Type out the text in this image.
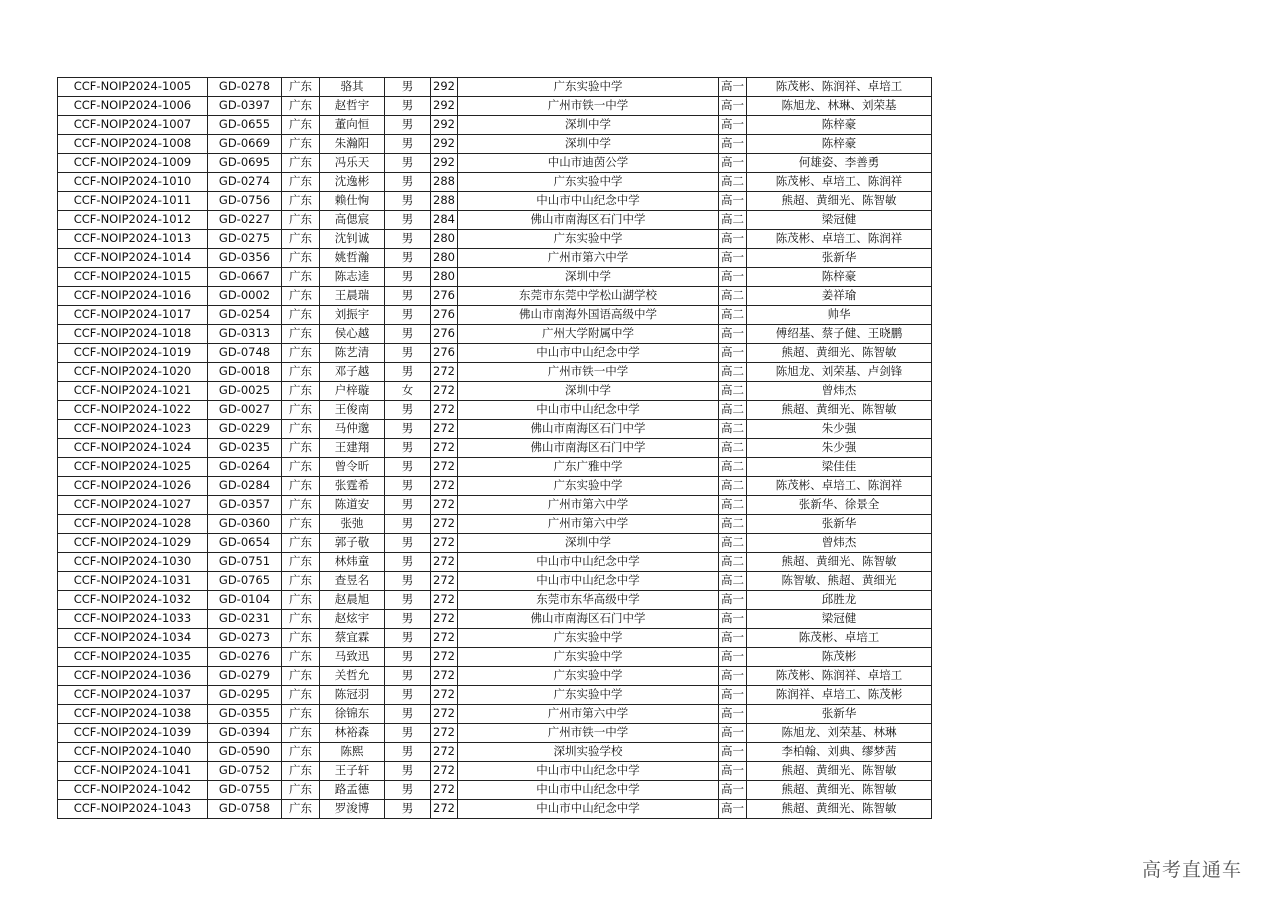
CCF-NOIP2024-1005	GD-0278	广东	骆其	男	292	广东实验中学	高一	陈茂彬、陈润祥、卓培工
CCF-NOIP2024-1006	GD-0397	广东	赵哲宇	男	292	广州市铁一中学	高一	陈旭龙、林琳、刘荣基
CCF-NOIP2024-1007	GD-0655	广东	董向恒	男	292	深圳中学	高一	陈梓豪
CCF-NOIP2024-1008	GD-0669	广东	朱瀚阳	男	292	深圳中学	高一	陈梓豪
CCF-NOIP2024-1009	GD-0695	广东	冯乐天	男	292	中山市迪茵公学	高一	何雄姿、李善勇
CCF-NOIP2024-1010	GD-0274	广东	沈逸彬	男	288	广东实验中学	高二	陈茂彬、卓培工、陈润祥
CCF-NOIP2024-1011	GD-0756	广东	赖仕恂	男	288	中山市中山纪念中学	高一	熊超、黄细光、陈智敏
CCF-NOIP2024-1012	GD-0227	广东	高偲宸	男	284	佛山市南海区石门中学	高二	梁冠健
CCF-NOIP2024-1013	GD-0275	广东	沈钊诚	男	280	广东实验中学	高一	陈茂彬、卓培工、陈润祥
CCF-NOIP2024-1014	GD-0356	广东	姚哲瀚	男	280	广州市第六中学	高一	张新华
CCF-NOIP2024-1015	GD-0667	广东	陈志逵	男	280	深圳中学	高一	陈梓豪
CCF-NOIP2024-1016	GD-0002	广东	王晨瑞	男	276	东莞市东莞中学松山湖学校	高二	姜祥瑜
CCF-NOIP2024-1017	GD-0254	广东	刘振宇	男	276	佛山市南海外国语高级中学	高二	帅华
CCF-NOIP2024-1018	GD-0313	广东	侯心越	男	276	广州大学附属中学	高一	傅绍基、蔡子健、王晓鹏
CCF-NOIP2024-1019	GD-0748	广东	陈艺清	男	276	中山市中山纪念中学	高一	熊超、黄细光、陈智敏
CCF-NOIP2024-1020	GD-0018	广东	邓子越	男	272	广州市铁一中学	高二	陈旭龙、刘荣基、卢剑锋
CCF-NOIP2024-1021	GD-0025	广东	户梓璇	女	272	深圳中学	高二	曾炜杰
CCF-NOIP2024-1022	GD-0027	广东	王俊南	男	272	中山市中山纪念中学	高二	熊超、黄细光、陈智敏
CCF-NOIP2024-1023	GD-0229	广东	马仲邈	男	272	佛山市南海区石门中学	高二	朱少强
CCF-NOIP2024-1024	GD-0235	广东	王建翔	男	272	佛山市南海区石门中学	高二	朱少强
CCF-NOIP2024-1025	GD-0264	广东	曾令昕	男	272	广东广雅中学	高二	梁佳佳
CCF-NOIP2024-1026	GD-0284	广东	张霆希	男	272	广东实验中学	高二	陈茂彬、卓培工、陈润祥
CCF-NOIP2024-1027	GD-0357	广东	陈道安	男	272	广州市第六中学	高二	张新华、徐景全
CCF-NOIP2024-1028	GD-0360	广东	张弛	男	272	广州市第六中学	高二	张新华
CCF-NOIP2024-1029	GD-0654	广东	郭子敬	男	272	深圳中学	高二	曾炜杰
CCF-NOIP2024-1030	GD-0751	广东	林炜童	男	272	中山市中山纪念中学	高二	熊超、黄细光、陈智敏
CCF-NOIP2024-1031	GD-0765	广东	查昱名	男	272	中山市中山纪念中学	高二	陈智敏、熊超、黄细光
CCF-NOIP2024-1032	GD-0104	广东	赵晨旭	男	272	东莞市东华高级中学	高一	邱胜龙
CCF-NOIP2024-1033	GD-0231	广东	赵炫宇	男	272	佛山市南海区石门中学	高一	梁冠健
CCF-NOIP2024-1034	GD-0273	广东	蔡宜霖	男	272	广东实验中学	高一	陈茂彬、卓培工
CCF-NOIP2024-1035	GD-0276	广东	马致迅	男	272	广东实验中学	高一	陈茂彬
CCF-NOIP2024-1036	GD-0279	广东	关哲允	男	272	广东实验中学	高一	陈茂彬、陈润祥、卓培工
CCF-NOIP2024-1037	GD-0295	广东	陈冠羽	男	272	广东实验中学	高一	陈润祥、卓培工、陈茂彬
CCF-NOIP2024-1038	GD-0355	广东	徐锦东	男	272	广州市第六中学	高一	张新华
CCF-NOIP2024-1039	GD-0394	广东	林裕森	男	272	广州市铁一中学	高一	陈旭龙、刘荣基、林琳
CCF-NOIP2024-1040	GD-0590	广东	陈熙	男	272	深圳实验学校	高一	李柏翰、刘典、缪梦茜
CCF-NOIP2024-1041	GD-0752	广东	王子轩	男	272	中山市中山纪念中学	高一	熊超、黄细光、陈智敏
CCF-NOIP2024-1042	GD-0755	广东	路孟德	男	272	中山市中山纪念中学	高一	熊超、黄细光、陈智敏
CCF-NOIP2024-1043	GD-0758	广东	罗浚博	男	272	中山市中山纪念中学	高一	熊超、黄细光、陈智敏
高考直通车
